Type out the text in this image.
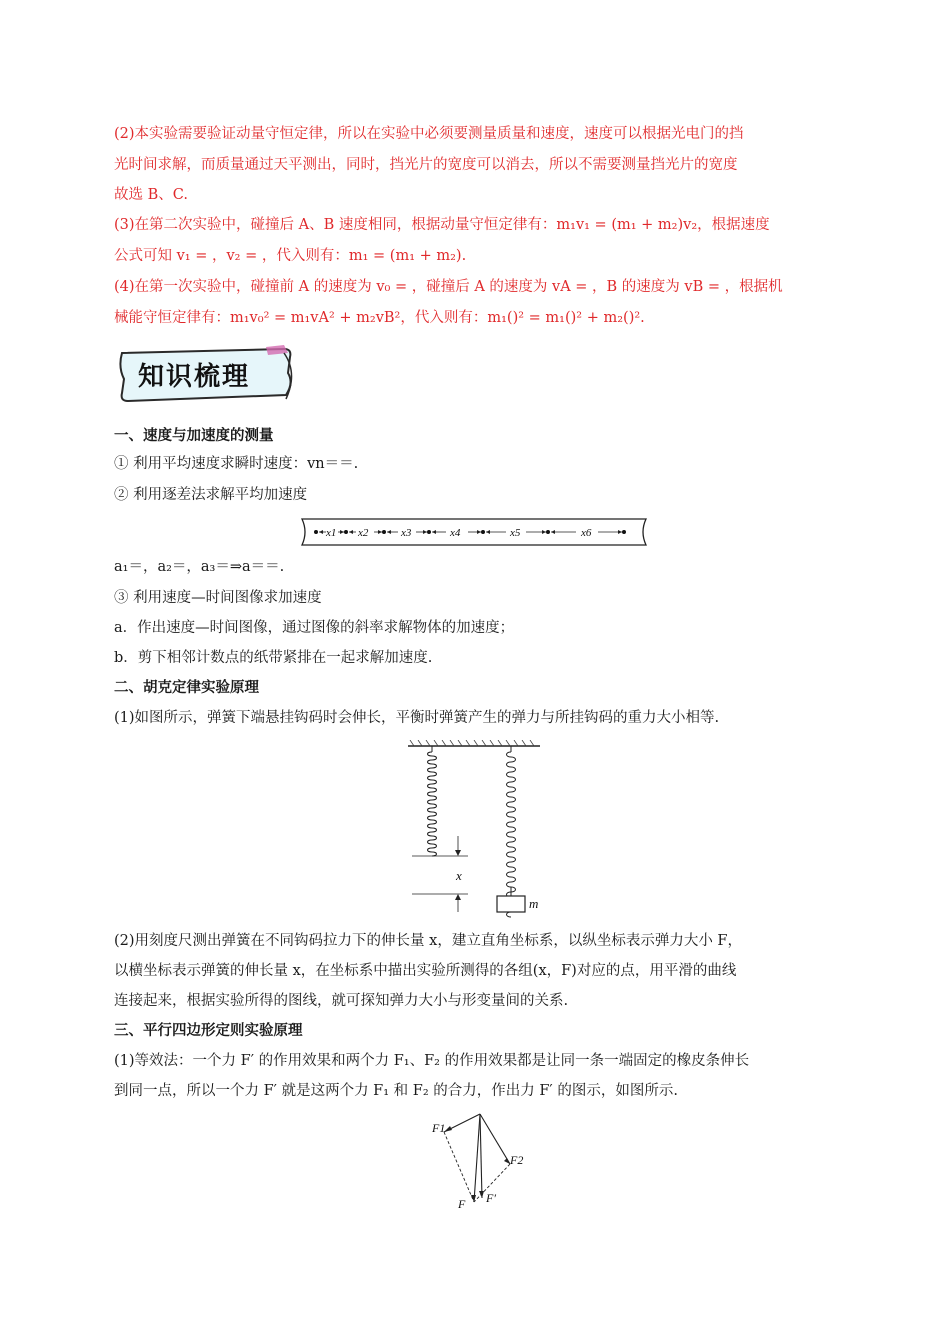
(2)本实验需要验证动量守恒定律，所以在实验中必须要测量质量和速度，速度可以根据光电门的挡
光时间求解，而质量通过天平测出，同时，挡光片的宽度可以消去，所以不需要测量挡光片的宽度
故选 B、C.
(3)在第二次实验中，碰撞后 A、B 速度相同，根据动量守恒定律有：m₁v₁ = (m₁ + m₂)v₂，根据速度
公式可知 v₁ = ，v₂ = ，代入则有：m₁ = (m₁ + m₂).
(4)在第一次实验中，碰撞前 A 的速度为 v₀ = ，碰撞后 A 的速度为 vA = ，B 的速度为 vB = ，根据机
械能守恒定律有：m₁v₀² = m₁vA² + m₂vB²，代入则有：m₁()² = m₁()² + m₂()².
知识梳理
一、速度与加速度的测量
① 利用平均速度求瞬时速度：vn＝＝.
② 利用逐差法求解平均加速度
x1 x2	x3	x4	x5	x6
a₁＝，a₂＝，a₃＝⇒a＝＝.
③ 利用速度—时间图像求加速度
a．作出速度—时间图像，通过图像的斜率求解物体的加速度；
b．剪下相邻计数点的纸带紧排在一起求解加速度.
二、胡克定律实验原理
(1)如图所示，弹簧下端悬挂钩码时会伸长，平衡时弹簧产生的弹力与所挂钩码的重力大小相等.
x
m
(2)用刻度尺测出弹簧在不同钩码拉力下的伸长量 x，建立直角坐标系，以纵坐标表示弹力大小 F，
以横坐标表示弹簧的伸长量 x，在坐标系中描出实验所测得的各组(x，F)对应的点，用平滑的曲线
连接起来，根据实验所得的图线，就可探知弹力大小与形变量间的关系.
三、平行四边形定则实验原理
(1)等效法：一个力 F′ 的作用效果和两个力 F₁、F₂ 的作用效果都是让同一条一端固定的橡皮条伸长
到同一点，所以一个力 F′ 就是这两个力 F₁ 和 F₂ 的合力，作出力 F′ 的图示，如图所示.
F1
F2
F F′
